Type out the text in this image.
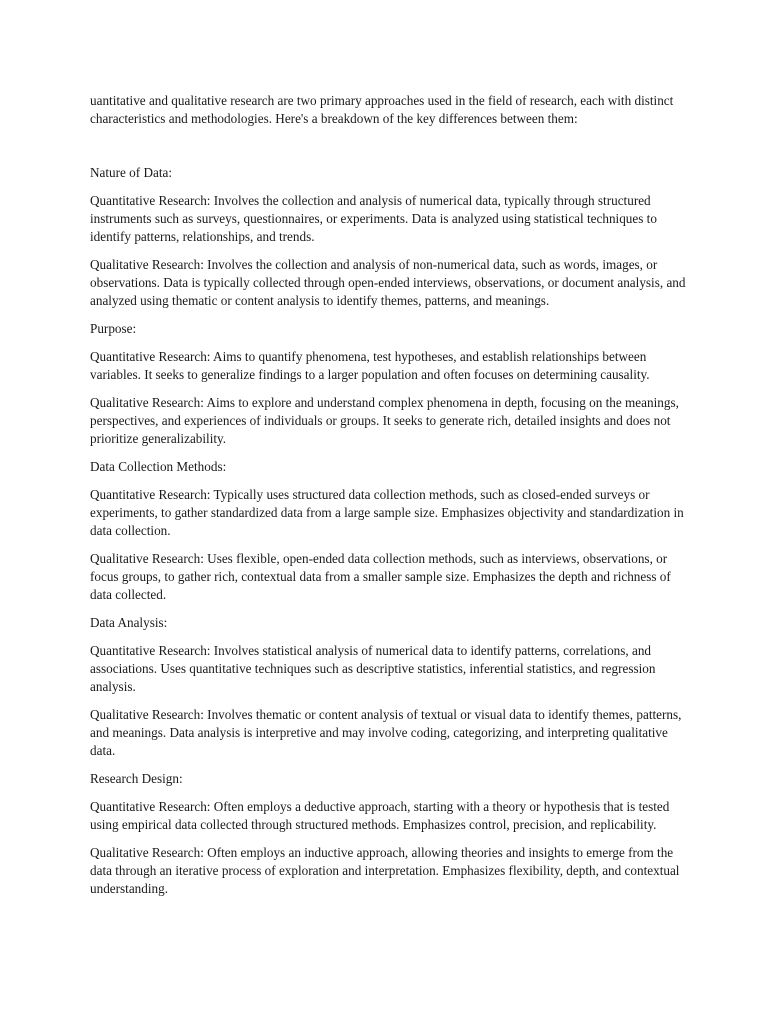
uantitative and qualitative research are two primary approaches used in the field of research, each with distinct characteristics and methodologies. Here's a breakdown of the key differences between them:

Nature of Data:

Quantitative Research: Involves the collection and analysis of numerical data, typically through structured instruments such as surveys, questionnaires, or experiments. Data is analyzed using statistical techniques to identify patterns, relationships, and trends.

Qualitative Research: Involves the collection and analysis of non-numerical data, such as words, images, or observations. Data is typically collected through open-ended interviews, observations, or document analysis, and analyzed using thematic or content analysis to identify themes, patterns, and meanings.

Purpose:

Quantitative Research: Aims to quantify phenomena, test hypotheses, and establish relationships between variables. It seeks to generalize findings to a larger population and often focuses on determining causality.

Qualitative Research: Aims to explore and understand complex phenomena in depth, focusing on the meanings, perspectives, and experiences of individuals or groups. It seeks to generate rich, detailed insights and does not prioritize generalizability.

Data Collection Methods:

Quantitative Research: Typically uses structured data collection methods, such as closed-ended surveys or experiments, to gather standardized data from a large sample size. Emphasizes objectivity and standardization in data collection.

Qualitative Research: Uses flexible, open-ended data collection methods, such as interviews, observations, or focus groups, to gather rich, contextual data from a smaller sample size. Emphasizes the depth and richness of data collected.

Data Analysis:

Quantitative Research: Involves statistical analysis of numerical data to identify patterns, correlations, and associations. Uses quantitative techniques such as descriptive statistics, inferential statistics, and regression analysis.

Qualitative Research: Involves thematic or content analysis of textual or visual data to identify themes, patterns, and meanings. Data analysis is interpretive and may involve coding, categorizing, and interpreting qualitative data.

Research Design:

Quantitative Research: Often employs a deductive approach, starting with a theory or hypothesis that is tested using empirical data collected through structured methods. Emphasizes control, precision, and replicability.

Qualitative Research: Often employs an inductive approach, allowing theories and insights to emerge from the data through an iterative process of exploration and interpretation. Emphasizes flexibility, depth, and contextual understanding.
